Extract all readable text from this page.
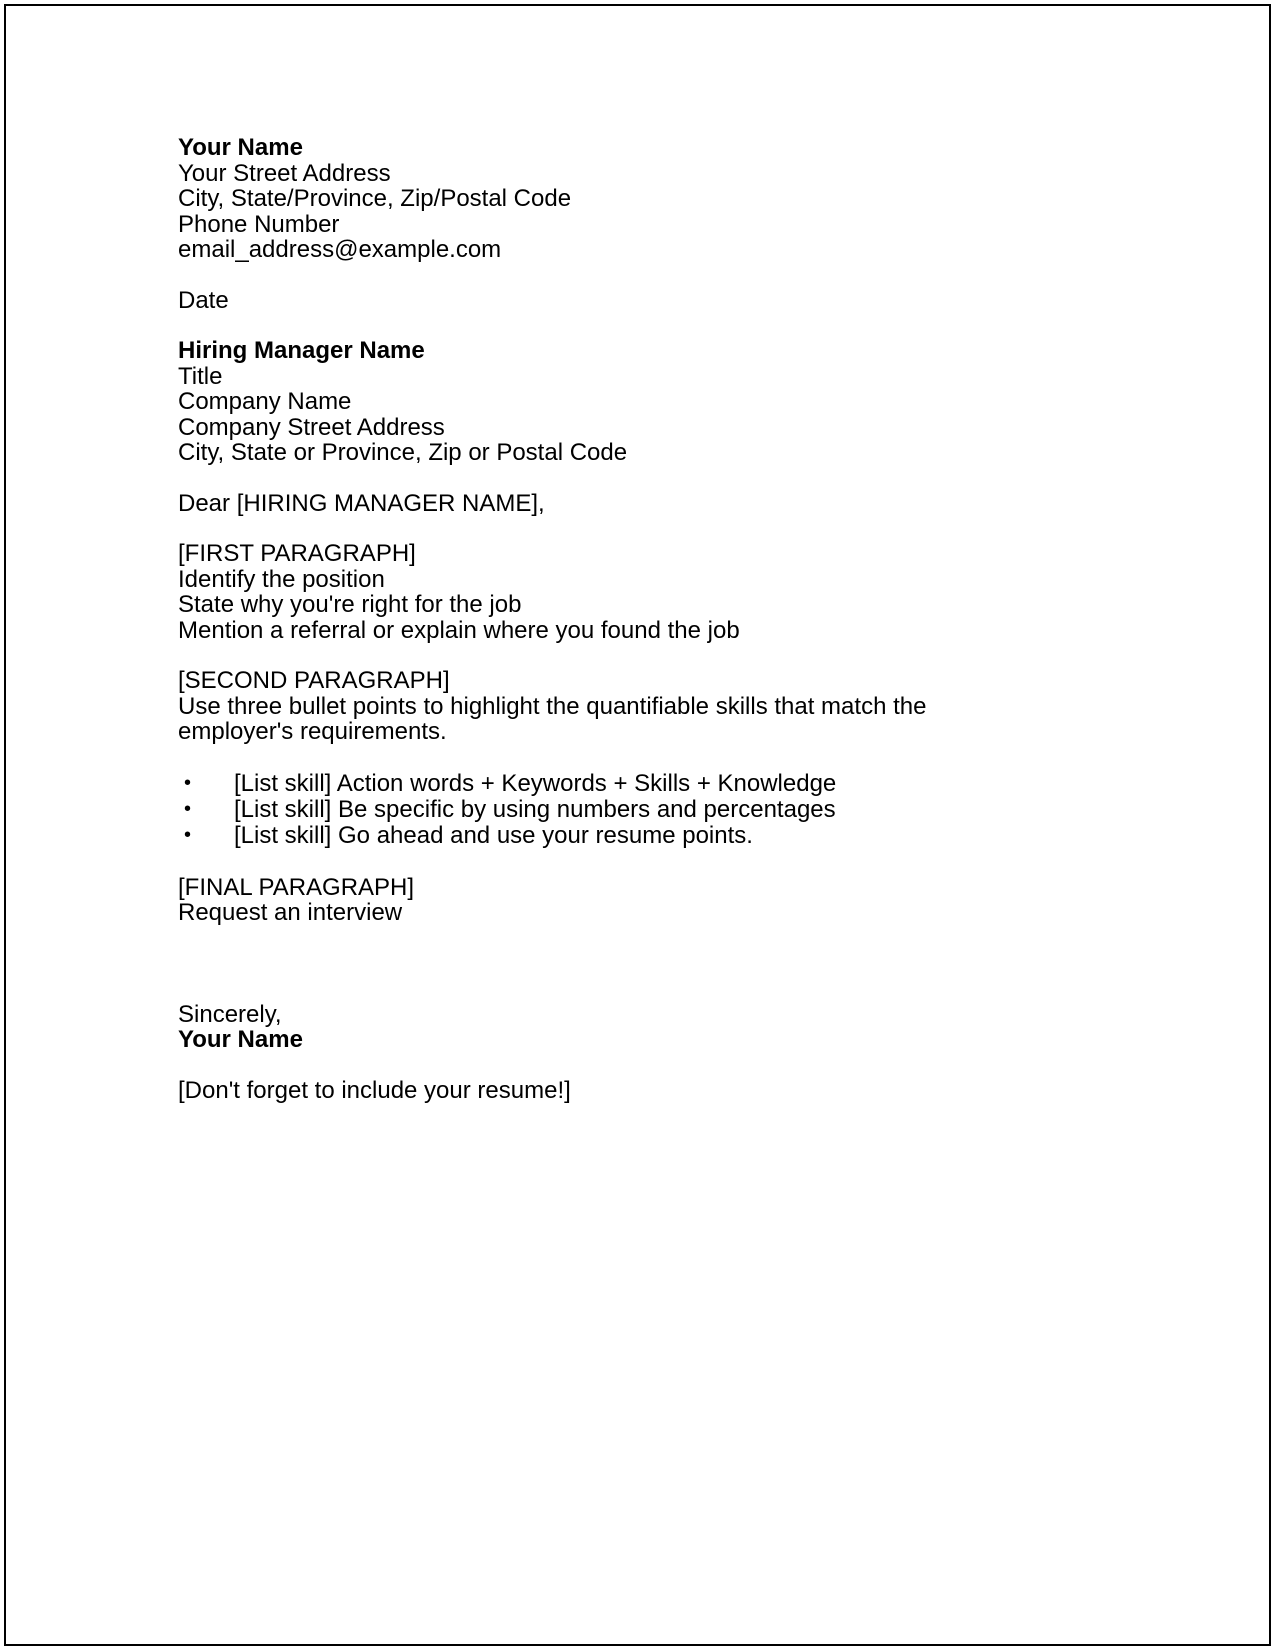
Your Name
Your Street Address
City, State/Province, Zip/Postal Code
Phone Number
email_address@example.com
Date
Hiring Manager Name
Title
Company Name
Company Street Address
City, State or Province, Zip or Postal Code
Dear [HIRING MANAGER NAME],
[FIRST PARAGRAPH]
Identify the position
State why you're right for the job
Mention a referral or explain where you found the job
[SECOND PARAGRAPH]
Use three bullet points to highlight the quantifiable skills that match the employer's requirements.
• [List skill] Action words + Keywords + Skills + Knowledge
• [List skill] Be specific by using numbers and percentages
• [List skill] Go ahead and use your resume points.
[FINAL PARAGRAPH]
Request an interview
Sincerely,
Your Name
[Don't forget to include your resume!]
